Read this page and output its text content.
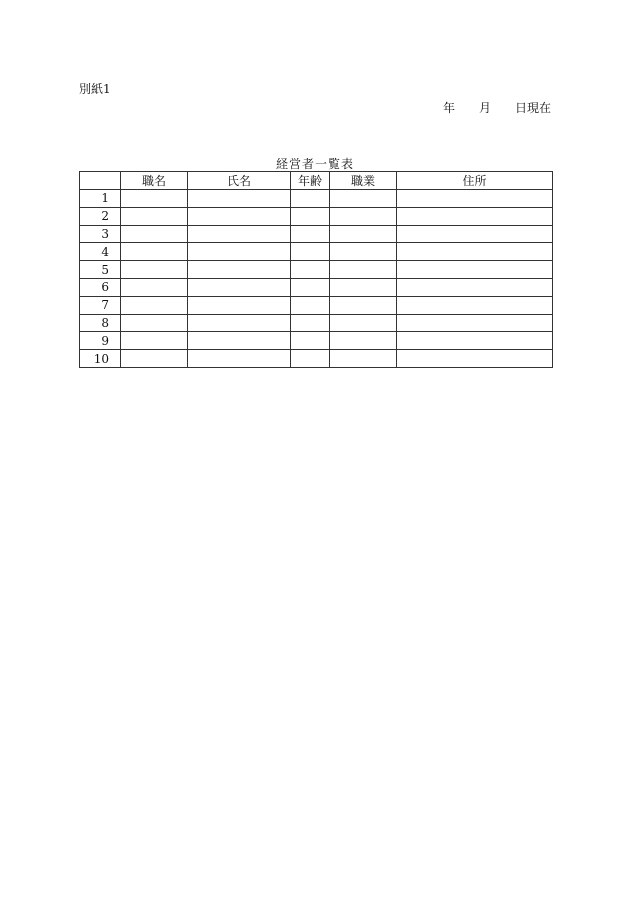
別紙1
年　　月　　日現在
経営者一覧表
	職名	氏名	年齢	職業	住所
1					
2					
3					
4					
5					
6					
7					
8					
9					
10					
